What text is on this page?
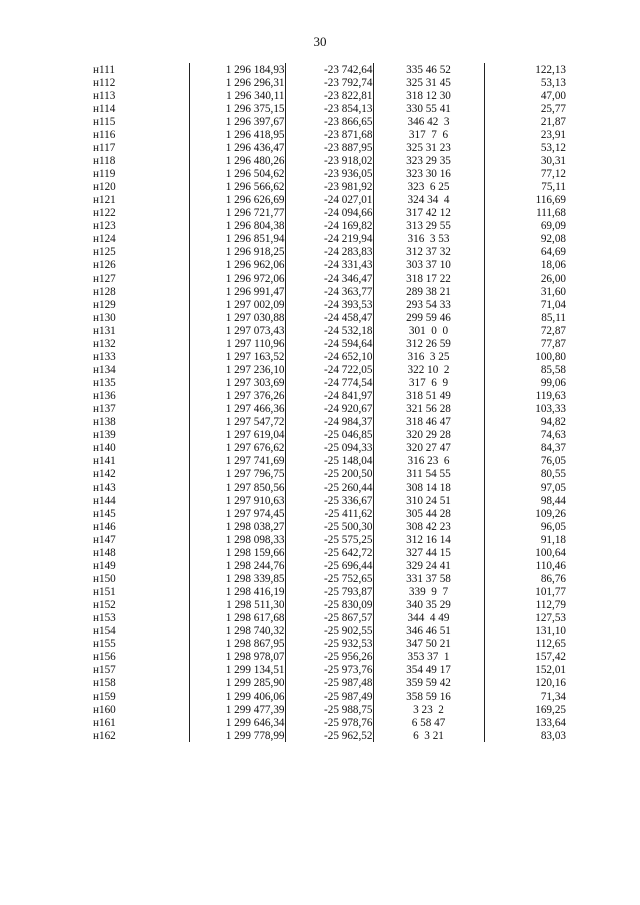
30
н111	1 296 184,93	-23 742,64	335 46 52	122,13
н112	1 296 296,31	-23 792,74	325 31 45	53,13
н113	1 296 340,11	-23 822,81	318 12 30	47,00
н114	1 296 375,15	-23 854,13	330 55 41	25,77
н115	1 296 397,67	-23 866,65	346 42  3	21,87
н116	1 296 418,95	-23 871,68	317  7  6	23,91
н117	1 296 436,47	-23 887,95	325 31 23	53,12
н118	1 296 480,26	-23 918,02	323 29 35	30,31
н119	1 296 504,62	-23 936,05	323 30 16	77,12
н120	1 296 566,62	-23 981,92	323  6 25	75,11
н121	1 296 626,69	-24 027,01	324 34  4	116,69
н122	1 296 721,77	-24 094,66	317 42 12	111,68
н123	1 296 804,38	-24 169,82	313 29 55	69,09
н124	1 296 851,94	-24 219,94	316  3 53	92,08
н125	1 296 918,25	-24 283,83	312 37 32	64,69
н126	1 296 962,06	-24 331,43	303 37 10	18,06
н127	1 296 972,06	-24 346,47	318 17 22	26,00
н128	1 296 991,47	-24 363,77	289 38 21	31,60
н129	1 297 002,09	-24 393,53	293 54 33	71,04
н130	1 297 030,88	-24 458,47	299 59 46	85,11
н131	1 297 073,43	-24 532,18	301  0  0	72,87
н132	1 297 110,96	-24 594,64	312 26 59	77,87
н133	1 297 163,52	-24 652,10	316  3 25	100,80
н134	1 297 236,10	-24 722,05	322 10  2	85,58
н135	1 297 303,69	-24 774,54	317  6  9	99,06
н136	1 297 376,26	-24 841,97	318 51 49	119,63
н137	1 297 466,36	-24 920,67	321 56 28	103,33
н138	1 297 547,72	-24 984,37	318 46 47	94,82
н139	1 297 619,04	-25 046,85	320 29 28	74,63
н140	1 297 676,62	-25 094,33	320 27 47	84,37
н141	1 297 741,69	-25 148,04	316 23  6	76,05
н142	1 297 796,75	-25 200,50	311 54 55	80,55
н143	1 297 850,56	-25 260,44	308 14 18	97,05
н144	1 297 910,63	-25 336,67	310 24 51	98,44
н145	1 297 974,45	-25 411,62	305 44 28	109,26
н146	1 298 038,27	-25 500,30	308 42 23	96,05
н147	1 298 098,33	-25 575,25	312 16 14	91,18
н148	1 298 159,66	-25 642,72	327 44 15	100,64
н149	1 298 244,76	-25 696,44	329 24 41	110,46
н150	1 298 339,85	-25 752,65	331 37 58	86,76
н151	1 298 416,19	-25 793,87	339  9  7	101,77
н152	1 298 511,30	-25 830,09	340 35 29	112,79
н153	1 298 617,68	-25 867,57	344  4 49	127,53
н154	1 298 740,32	-25 902,55	346 46 51	131,10
н155	1 298 867,95	-25 932,53	347 50 21	112,65
н156	1 298 978,07	-25 956,26	353 37  1	157,42
н157	1 299 134,51	-25 973,76	354 49 17	152,01
н158	1 299 285,90	-25 987,48	359 59 42	120,16
н159	1 299 406,06	-25 987,49	358 59 16	71,34
н160	1 299 477,39	-25 988,75	3 23  2	169,25
н161	1 299 646,34	-25 978,76	6 58 47	133,64
н162	1 299 778,99	-25 962,52	6  3 21	83,03
